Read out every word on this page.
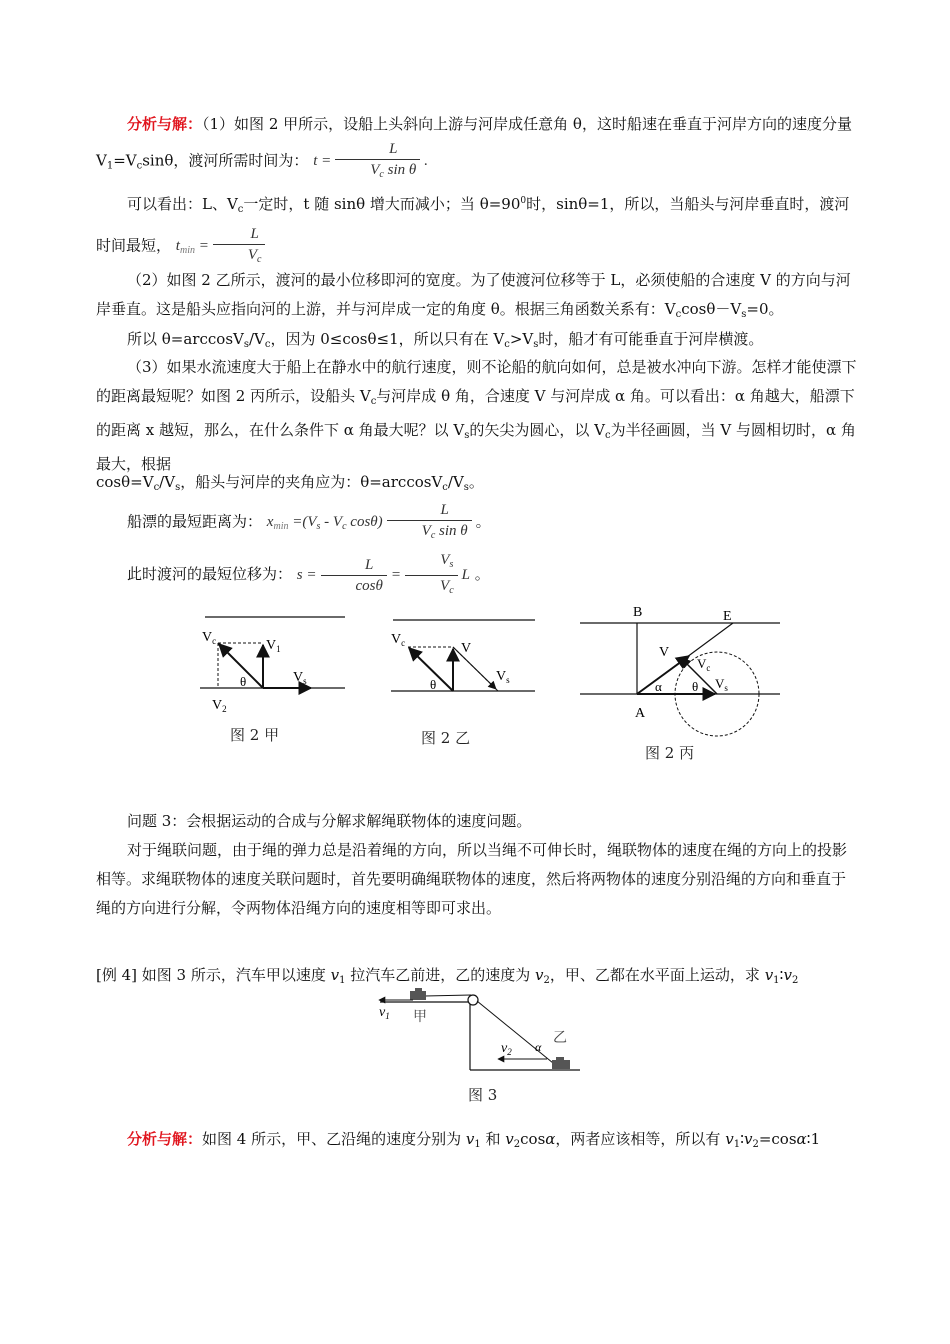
分析与解：（1）如图 2 甲所示，设船上头斜向上游与河岸成任意角 θ，这时船速在垂直于河岸方向的速度分量 $V_1=V_c\sin\theta$，渡河所需时间为： $t = \frac{L}{V_c \sin \theta}$ .
可以看出：L、$V_c$一定时，t 随 sinθ 增大而减小；当 $\theta=90^0$时，sinθ=1，所以，当船头与河岸垂直时，渡河时间最短， $t_{min} = \frac{L}{V_c}$
（2）如图 2 乙所示，渡河的最小位移即河的宽度。为了使渡河位移等于 L，必须使船的合速度 V 的方向与河岸垂直。这是船头应指向河的上游，并与河岸成一定的角度 θ。根据三角函数关系有：$V_c\cos\theta-V_s=0$。
所以 $\theta=\arccos V_s/V_c$，因为 0≤cosθ≤1，所以只有在 $V_c>V_s$时，船才有可能垂直于河岸横渡。
（3）如果水流速度大于船上在静水中的航行速度，则不论船的航向如何，总是被水冲向下游。怎样才能使漂下的距离最短呢？如图 2 丙所示，设船头 $V_c$与河岸成 θ 角，合速度 V 与河岸成 α 角。可以看出：α 角越大，船漂下的距离 x 越短，那么，在什么条件下 α 角最大呢？以 $V_s$的矢尖为圆心，以 $V_c$为半径画圆，当 V 与圆相切时，α 角最大，根据
$\cos\theta=V_c/V_s$，船头与河岸的夹角应为：$\theta=\arccos V_c/V_s$。
船漂的最短距离为： $x_{min} =(V_s - V_c$ $\cos\theta) \frac{L}{V_c \sin \theta}$ 。
此时渡河的最短位移为： $s = \frac{L}{\cos\theta} = \frac{V_s}{V_c}$ L 。
$V_c$	$V_1$
$V_s$
θ
$V_2$
图 2 甲
$V_c$	V
$V_s$
θ
图 2 乙
B	E
V
$V_c$
$V_s$
α θ
A
图 2 丙
问题 3：会根据运动的合成与分解求解绳联物体的速度问题。
对于绳联问题，由于绳的弹力总是沿着绳的方向，所以当绳不可伸长时，绳联物体的速度在绳的方向上的投影相等。求绳联物体的速度关联问题时，首先要明确绳联物体的速度，然后将两物体的速度分别沿绳的方向和垂直于绳的方向进行分解，令两物体沿绳方向的速度相等即可求出。
[例 4] 如图 3 所示，汽车甲以速度 $v_1$ 拉汽车乙前进，乙的速度为 $v_2$，甲、乙都在水平面上运动，求 $v_1∶v_2$
$v_1$ 甲
$v_2$ α
乙
图 3
分析与解：如图 4 所示，甲、乙沿绳的速度分别为 $v_1$ 和 $v_2\cos\alpha$，两者应该相等，所以有 $v_1∶v_2=\cos\alpha∶1$
